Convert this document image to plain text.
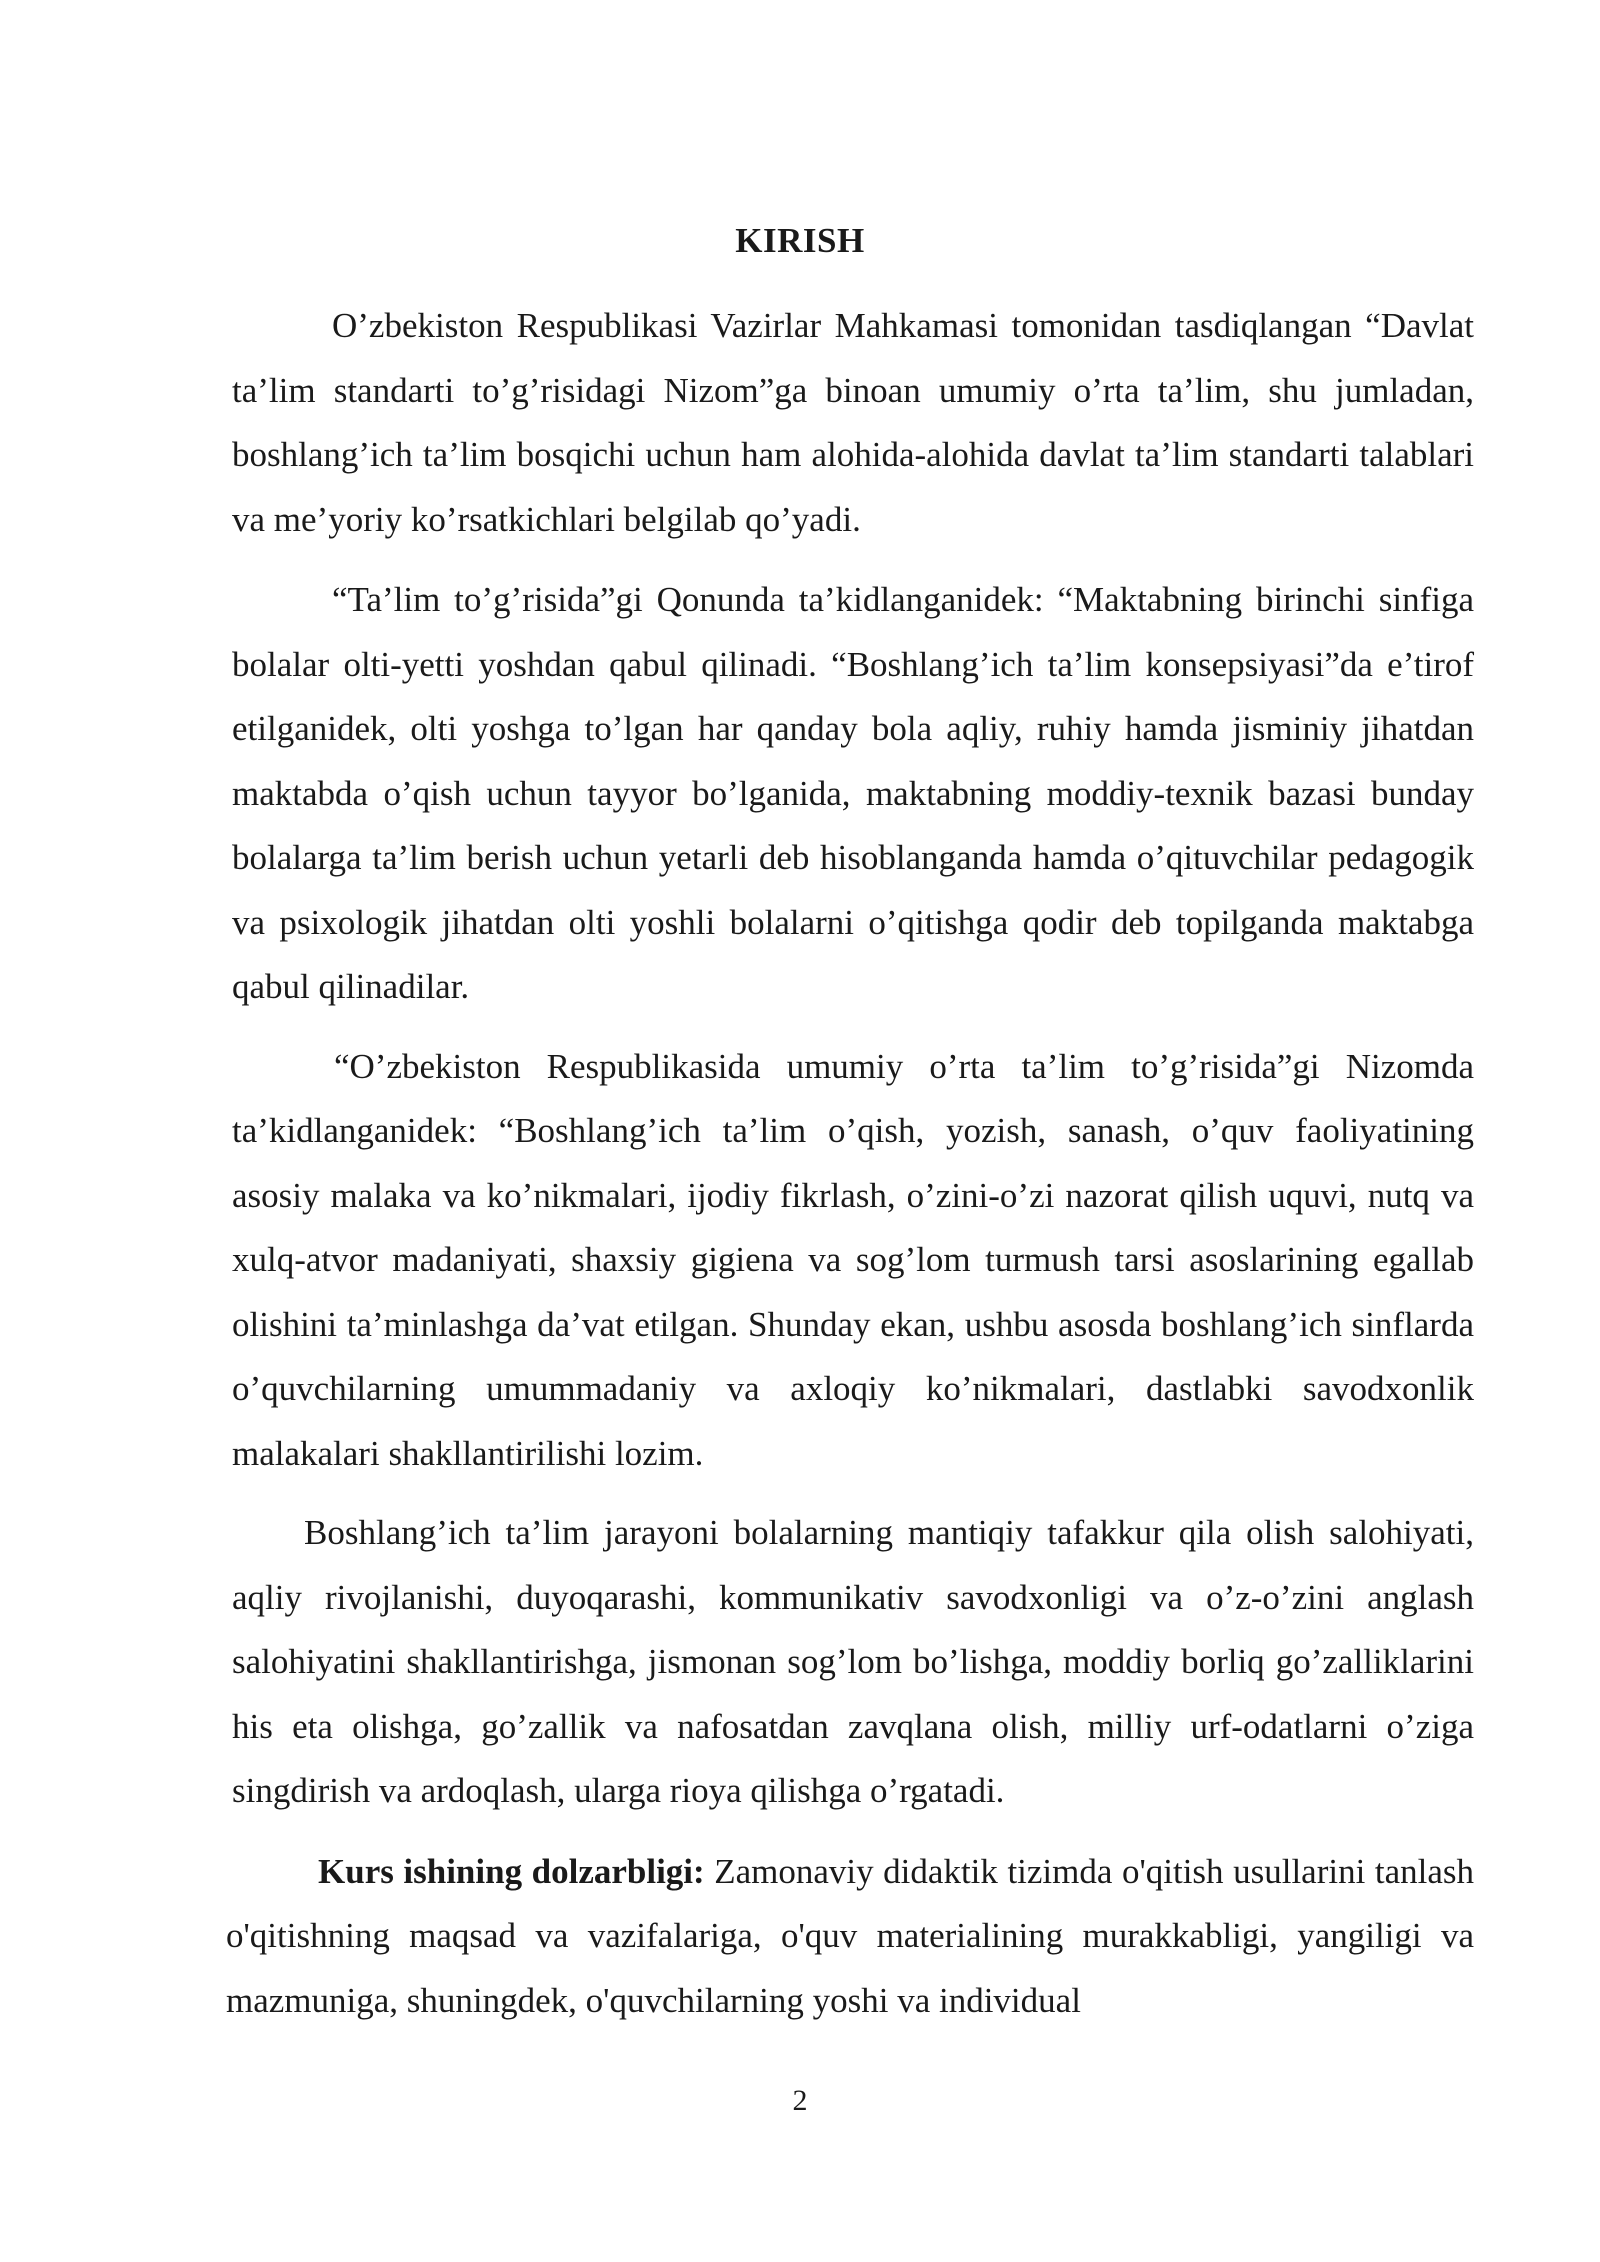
KIRISH

O’zbekiston Respublikasi Vazirlar Mahkamasi tomonidan tasdiqlangan “Davlat ta’lim standarti to’g’risidagi Nizom”ga binoan umumiy o’rta ta’lim, shu jumladan, boshlang’ich ta’lim bosqichi uchun ham alohida-alohida davlat ta’lim standarti talablari va me’yoriy ko’rsatkichlari belgilab qo’yadi.

“Ta’lim to’g’risida”gi Qonunda ta’kidlanganidek: “Maktabning birinchi sinfiga bolalar olti-yetti yoshdan qabul qilinadi. “Boshlang’ich ta’lim konsepsiyasi”da e’tirof etilganidek, olti yoshga to’lgan har qanday bola aqliy, ruhiy hamda jisminiy jihatdan maktabda o’qish uchun tayyor bo’lganida, maktabning moddiy-texnik bazasi bunday bolalarga ta’lim berish uchun yetarli deb hisoblanganda hamda o’qituvchilar pedagogik va psixologik jihatdan olti yoshli bolalarni o’qitishga qodir deb topilganda maktabga qabul qilinadilar.

“O’zbekiston Respublikasida umumiy o’rta ta’lim to’g’risida”gi Nizomda ta’kidlanganidek: “Boshlang’ich ta’lim o’qish, yozish, sanash, o’quv faoliyatining asosiy malaka va ko’nikmalari, ijodiy fikrlash, o’zini-o’zi nazorat qilish uquvi, nutq va xulq-atvor madaniyati, shaxsiy gigiena va sog’lom turmush tarsi asoslarining egallab olishini ta’minlashga da’vat etilgan. Shunday ekan, ushbu asosda boshlang’ich sinflarda o’quvchilarning umummadaniy va axloqiy ko’nikmalari, dastlabki savodxonlik malakalari shakllantirilishi lozim.

Boshlang’ich ta’lim jarayoni bolalarning mantiqiy tafakkur qila olish salohiyati, aqliy rivojlanishi, duyoqarashi, kommunikativ savodxonligi va o’z-o’zini anglash salohiyatini shakllantirishga, jismonan sog’lom bo’lishga, moddiy borliq go’zalliklarini his eta olishga, go’zallik va nafosatdan zavqlana olish, milliy urf-odatlarni o’ziga singdirish va ardoqlash, ularga rioya qilishga o’rgatadi.

Kurs ishining dolzarbligi: Zamonaviy didaktik tizimda o'qitish usullarini tanlash o'qitishning maqsad va vazifalariga, o'quv materialining murakkabligi, yangiligi va mazmuniga, shuningdek, o'quvchilarning yoshi va individual

2
